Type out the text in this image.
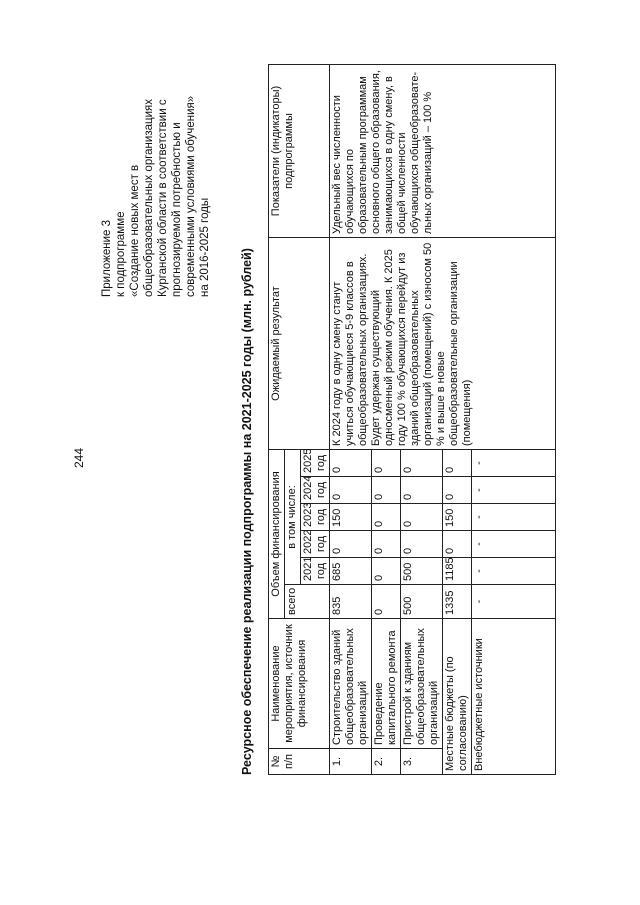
244
Приложение 3 к подпрограмме «Создание новых мест в общеобразовательных организациях Курганской области в соответствии с прогнозируемой потребностью и современными условиями обучения» на 2016-2025 годы
Ресурсное обеспечение реализации подпрограммы на 2021-2025 годы (млн. рублей) № п/п	Наименование мероприятия, источник финансирования	Объем финансирования						Ожидаемый результат	Показатели (индикаторы) подпрограммы
		всего	в том числе:						
			2021 год	2022 год	2023 год	2024 год	2025 год		
1.	Строительство зданий общеобразовательных организаций	835	685	0	150	0	0	К 2024 году в одну смену станут учиться обучающиеся 5-9 классов в общеобразовательных организациях. Будет удержан существующий односменный режим обучения. К 2025 году 100 % обучающихся перейдут из зданий общеобразовательных организаций (помещений) с износом 50 % и выше в новые общеобразовательные организации (помещения)	Удельный вес численности обучающихся по образовательным программам основного общего образования, занимающихся в одну смену, в общей численности обучающихся общеобразовате-льных организаций – 100 %
2.	Проведение капитального ремонта	0	0	0	0	0	0		
3.	Пристрой к зданиям общеобразовательных организаций	500	500	0	0	0	0		
Местные бюджеты (по согласованию)		1335	1185	0	150	0	0		
Внебюджетные источники		-	-	-	-	-	-		
